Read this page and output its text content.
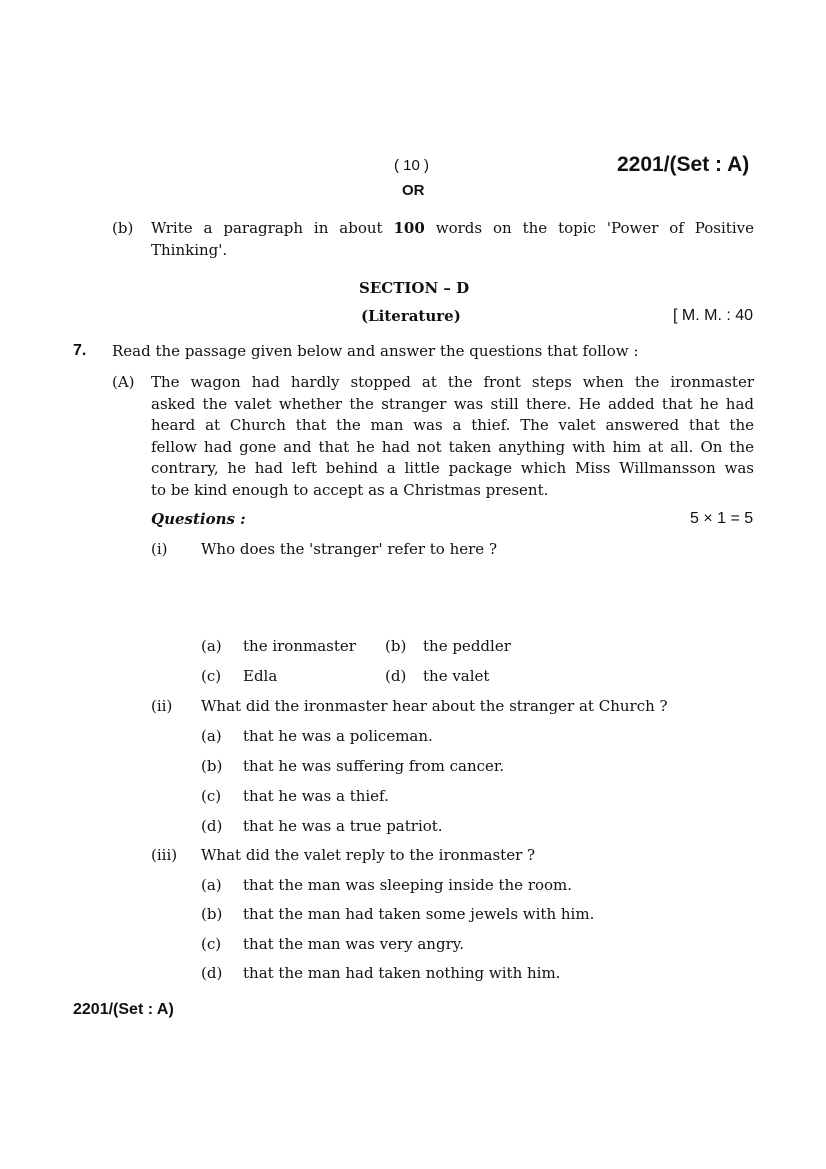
( 10 )	2201/(Set : A)
OR
(b) Write a paragraph in about 100 words on the topic 'Power of Positive
Thinking'.
SECTION – D
(Literature)	[ M. M. : 40
7. Read the passage given below and answer the questions that follow :
(A) The wagon had hardly stopped at the front steps when the ironmaster
asked the valet whether the stranger was still there. He added that he had
heard at Church that the man was a thief. The valet answered that the
fellow had gone and that he had not taken anything with him at all. On the
contrary, he had left behind a little package which Miss Willmansson was
to be kind enough to accept as a Christmas present.
Questions :	5 × 1 = 5
(i) Who does the 'stranger' refer to here ?
(a) the ironmaster (b) the peddler
(c) Edla	(d) the valet
(ii) What did the ironmaster hear about the stranger at Church ?
(a) that he was a policeman.
(b) that he was suffering from cancer.
(c) that he was a thief.
(d) that he was a true patriot.
(iii) What did the valet reply to the ironmaster ?
(a) that the man was sleeping inside the room.
(b) that the man had taken some jewels with him.
(c) that the man was very angry.
(d) that the man had taken nothing with him.
2201/(Set : A)
